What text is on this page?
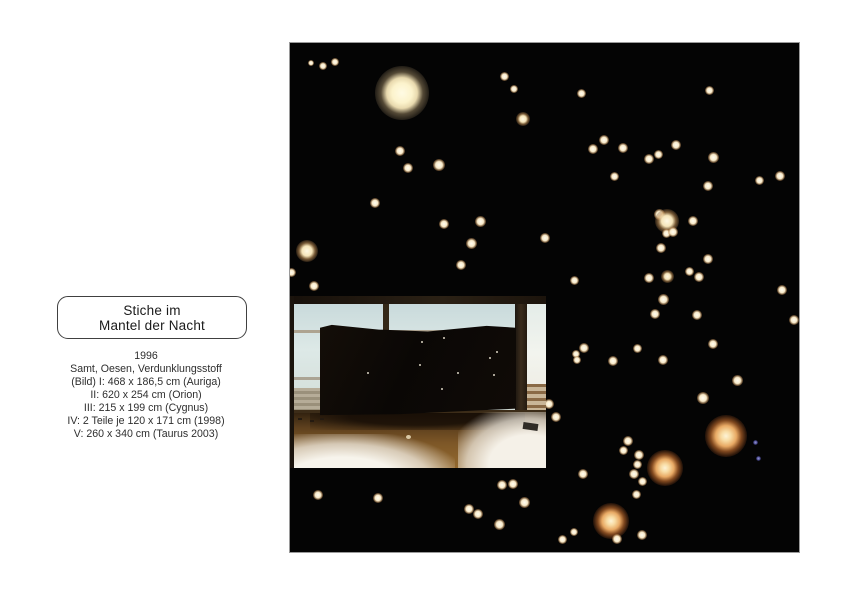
Stiche im
Mantel der Nacht
1996
Samt, Oesen, Verdunklungsstoff
(Bild) I: 468 x 186,5 cm (Auriga)
II: 620 x 254 cm (Orion)
III: 215 x 199 cm (Cygnus)
IV: 2 Teile je 120 x 171 cm (1998)
V: 260 x 340 cm (Taurus 2003)
